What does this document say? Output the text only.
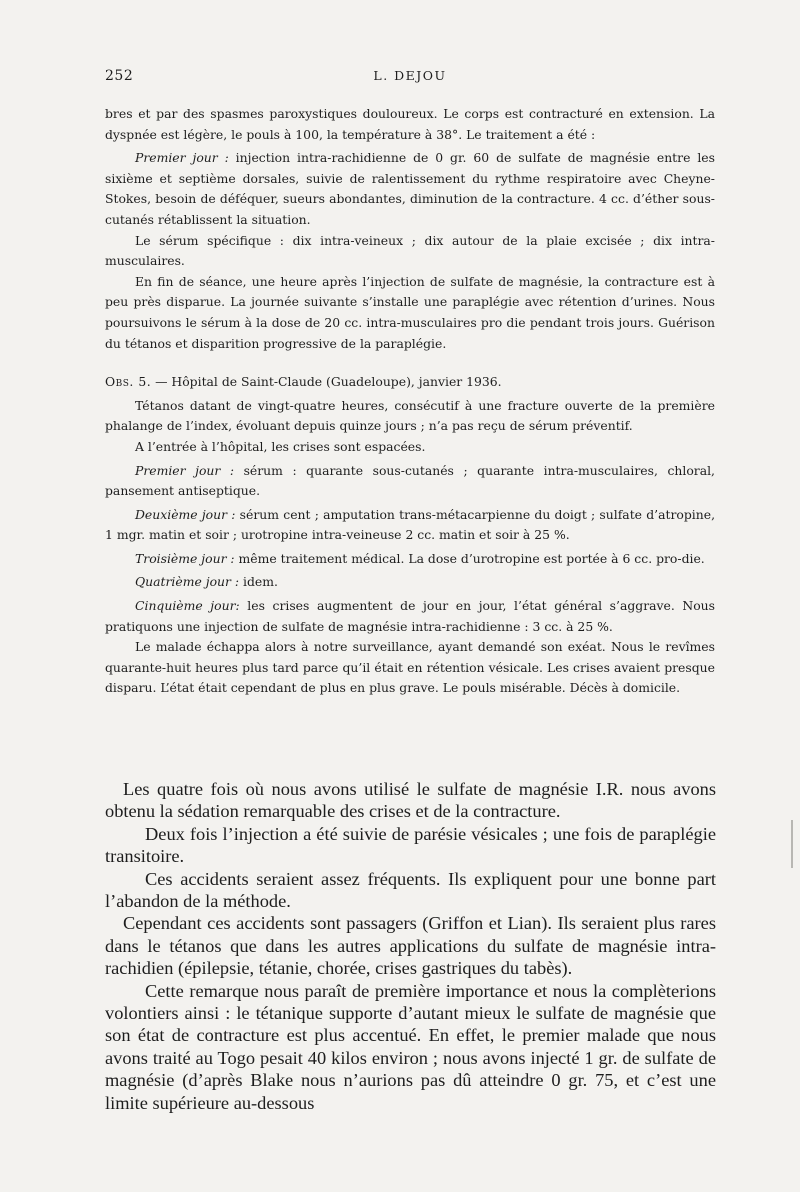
252	L. DEJOU

bres et par des spasmes paroxystiques douloureux. Le corps est contracturé en extension. La dyspnée est légère, le pouls à 100, la température à 38°. Le traitement a été :

Premier jour : injection intra-rachidienne de 0 gr. 60 de sulfate de magnésie entre les sixième et septième dorsales, suivie de ralentissement du rythme respiratoire avec Cheyne-Stokes, besoin de déféquer, sueurs abondantes, diminution de la contracture. 4 cc. d’éther sous-cutanés rétablissent la situation.

Le sérum spécifique : dix intra-veineux ; dix autour de la plaie excisée ; dix intra-musculaires.

En fin de séance, une heure après l’injection de sulfate de magnésie, la contracture est à peu près disparue. La journée suivante s’installe une paraplégie avec rétention d’urines. Nous poursuivons le sérum à la dose de 20 cc. intra-musculaires pro die pendant trois jours. Guérison du tétanos et disparition progressive de la paraplégie.

Obs. 5. — Hôpital de Saint-Claude (Guadeloupe), janvier 1936.

Tétanos datant de vingt-quatre heures, consécutif à une fracture ouverte de la première phalange de l’index, évoluant depuis quinze jours ; n’a pas reçu de sérum préventif.

A l’entrée à l’hôpital, les crises sont espacées.

Premier jour : sérum : quarante sous-cutanés ; quarante intra-musculaires, chloral, pansement antiseptique.

Deuxième jour : sérum cent ; amputation trans-métacarpienne du doigt ; sulfate d’atropine, 1 mgr. matin et soir ; urotropine intra-veineuse 2 cc. matin et soir à 25 %.

Troisième jour : même traitement médical. La dose d’urotropine est portée à 6 cc. pro-die.

Quatrième jour : idem.

Cinquième jour: les crises augmentent de jour en jour, l’état général s’aggrave. Nous pratiquons une injection de sulfate de magnésie intra-rachidienne : 3 cc. à 25 %.

Le malade échappa alors à notre surveillance, ayant demandé son exéat. Nous le revîmes quarante-huit heures plus tard parce qu’il était en rétention vésicale. Les crises avaient presque disparu. L’état était cependant de plus en plus grave. Le pouls misérable. Décès à domicile.

Les quatre fois où nous avons utilisé le sulfate de magnésie I.R. nous avons obtenu la sédation remarquable des crises et de la contracture.

Deux fois l’injection a été suivie de parésie vésicales ; une fois de paraplégie transitoire.

Ces accidents seraient assez fréquents. Ils expliquent pour une bonne part l’abandon de la méthode.

Cependant ces accidents sont passagers (Griffon et Lian). Ils seraient plus rares dans le tétanos que dans les autres applications du sulfate de magnésie intra-rachidien (épilepsie, tétanie, chorée, crises gastriques du tabès).

Cette remarque nous paraît de première importance et nous la complèterions volontiers ainsi : le tétanique supporte d’autant mieux le sulfate de magnésie que son état de contracture est plus accentué. En effet, le premier malade que nous avons traité au Togo pesait 40 kilos environ ; nous avons injecté 1 gr. de sulfate de magnésie (d’après Blake nous n’aurions pas dû atteindre 0 gr. 75, et c’est une limite supérieure au-dessous
